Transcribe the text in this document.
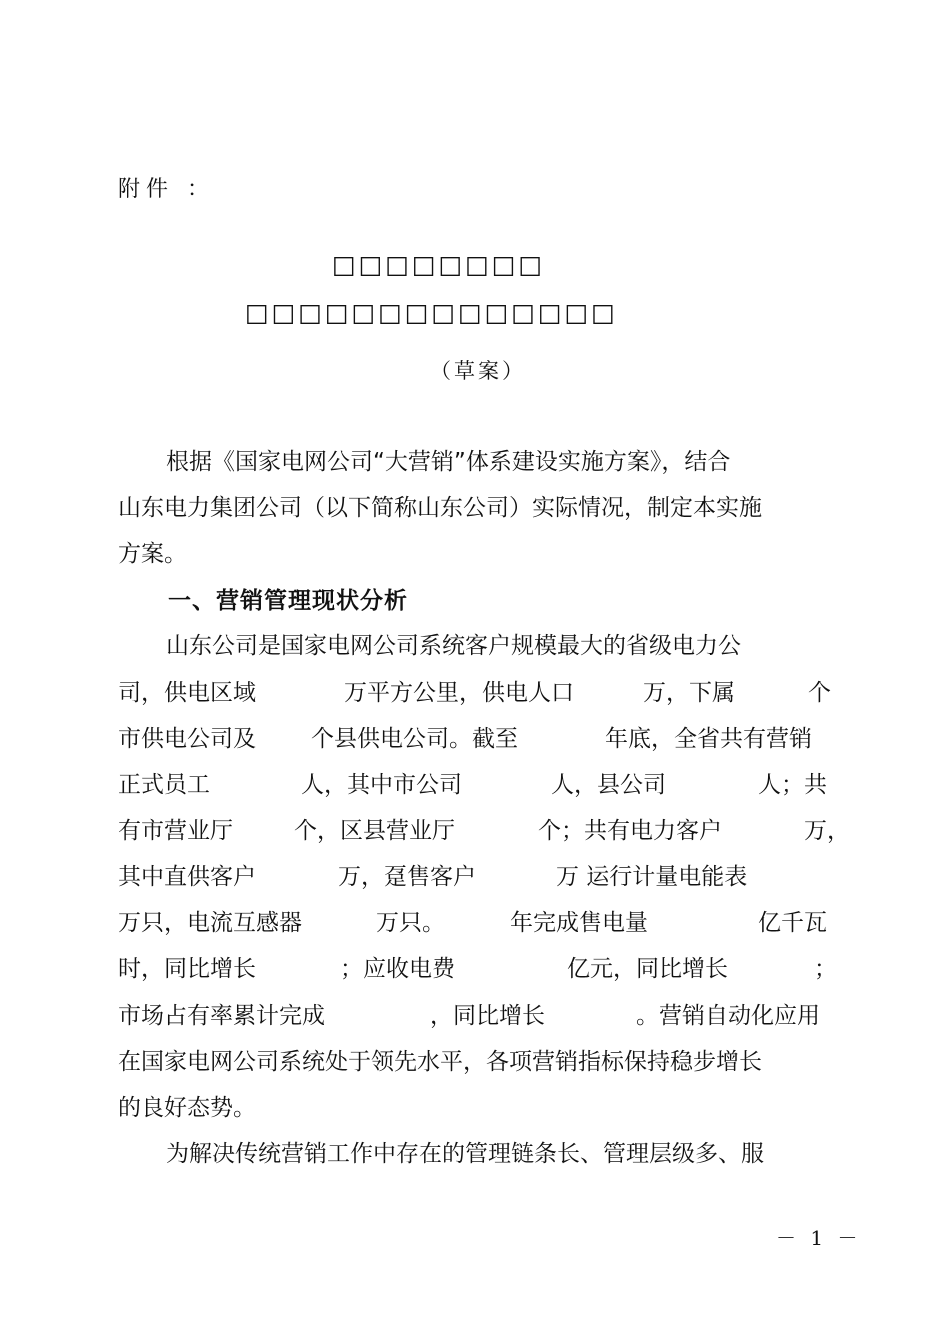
附件 ：
□□□□□□□□
□□□□□□□□□□□□□□
（草案）
根据《国家电网公司“大营销”体系建设实施方案》，结合
山东电力集团公司（以下简称山东公司）实际情况，制定本实施
方案。
一、营销管理现状分析
山东公司是国家电网公司系统客户规模最大的省级电力公
司，供电区域	万平方公里，供电人口	万，下属	个
市供电公司及 个县供电公司。截至	年底，全省共有营销
正式员工	人，其中市公司	人，县公司	人；共
有市营业厅	个，区县营业厅	个；共有电力客户	万，
其中直供客户	万，趸售客户	万 运行计量电能表
万只，电流互感器	万只。	年完成售电量	亿千瓦
时，同比增长	；应收电费	亿元，同比增长	；
市场占有率累计完成	，同比增长	。营销自动化应用
在国家电网公司系统处于领先水平，各项营销指标保持稳步增长
的良好态势。
为解决传统营销工作中存在的管理链条长、管理层级多、服
－ 1 －
